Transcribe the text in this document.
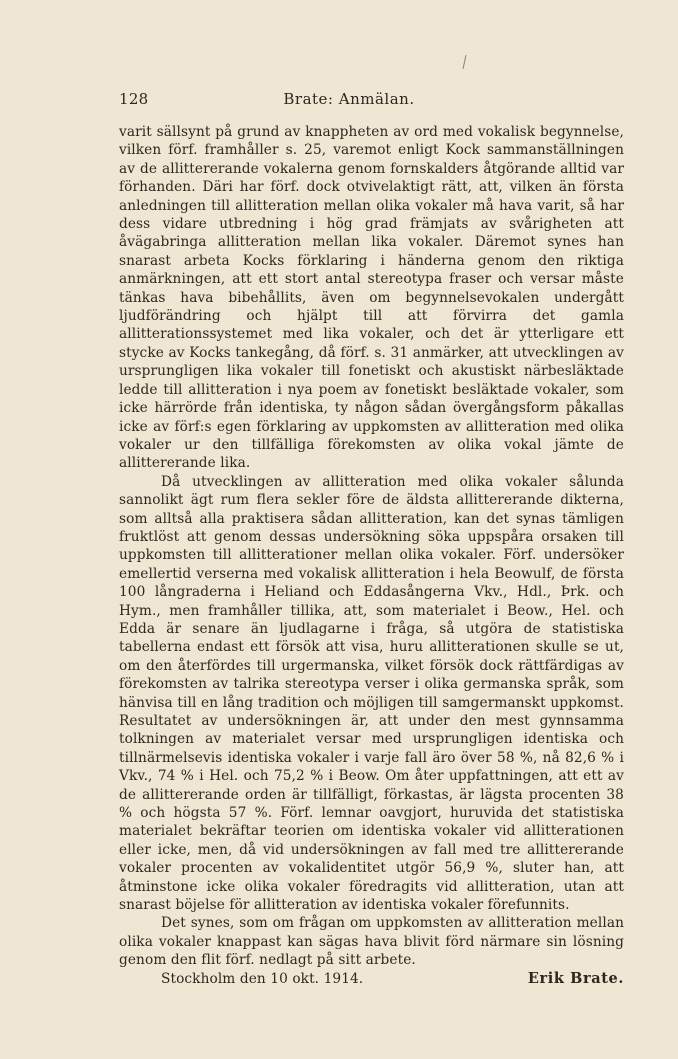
128	Brate: Anmälan.

varit sällsynt på grund av knappheten av ord med vokalisk begynnelse, vilken förf. framhåller s. 25, varemot enligt Kock sammanställningen av de allittererande vokalerna genom fornskalders åtgörande alltid var förhanden. Däri har förf. dock otvivelaktigt rätt, att, vilken än första anledningen till allitteration mellan olika vokaler må hava varit, så har dess vidare utbredning i hög grad främjats av svårigheten att åvägabringa allitteration mellan lika vokaler. Däremot synes han snarast arbeta Kocks förklaring i händerna genom den riktiga anmärkningen, att ett stort antal stereotypa fraser och versar måste tänkas hava bibehållits, även om begynnelsevokalen undergått ljudförändring och hjälpt till att förvirra det gamla allitterationssystemet med lika vokaler, och det är ytterligare ett stycke av Kocks tankegång, då förf. s. 31 anmärker, att utvecklingen av ursprungligen lika vokaler till fonetiskt och akustiskt närbesläktade ledde till allitteration i nya poem av fonetiskt besläktade vokaler, som icke härrörde från identiska, ty någon sådan övergångsform påkallas icke av förf:s egen förklaring av uppkomsten av allitteration med olika vokaler ur den tillfälliga förekomsten av olika vokal jämte de allittererande lika.

Då utvecklingen av allitteration med olika vokaler sålunda sannolikt ägt rum flera sekler före de äldsta allittererande dikterna, som alltså alla praktisera sådan allitteration, kan det synas tämligen fruktlöst att genom dessas undersökning söka uppspåra orsaken till uppkomsten till allitterationer mellan olika vokaler. Förf. undersöker emellertid verserna med vokalisk allitteration i hela Beowulf, de första 100 långraderna i Heliand och Eddasångerna Vkv., Hdl., Þrk. och Hym., men framhåller tillika, att, som materialet i Beow., Hel. och Edda är senare än ljudlagarne i fråga, så utgöra de statistiska tabellerna endast ett försök att visa, huru allitterationen skulle se ut, om den återfördes till urgermanska, vilket försök dock rättfärdigas av förekomsten av talrika stereotypa verser i olika germanska språk, som hänvisa till en lång tradition och möjligen till samgermanskt uppkomst. Resultatet av undersökningen är, att under den mest gynnsamma tolkningen av materialet versar med ursprungligen identiska och tillnärmelsevis identiska vokaler i varje fall äro över 58 %, nå 82,6 % i Vkv., 74 % i Hel. och 75,2 % i Beow. Om åter uppfattningen, att ett av de allittererande orden är tillfälligt, förkastas, är lägsta procenten 38 % och högsta 57 %. Förf. lemnar oavgjort, huruvida det statistiska materialet bekräftar teorien om identiska vokaler vid allitterationen eller icke, men, då vid undersökningen av fall med tre allittererande vokaler procenten av vokalidentitet utgör 56,9 %, sluter han, att åtminstone icke olika vokaler föredragits vid allitteration, utan att snarast böjelse för allitteration av identiska vokaler förefunnits.

Det synes, som om frågan om uppkomsten av allitteration mellan olika vokaler knappast kan sägas hava blivit förd närmare sin lösning genom den flit förf. nedlagt på sitt arbete.

Stockholm den 10 okt. 1914.	Erik Brate.
